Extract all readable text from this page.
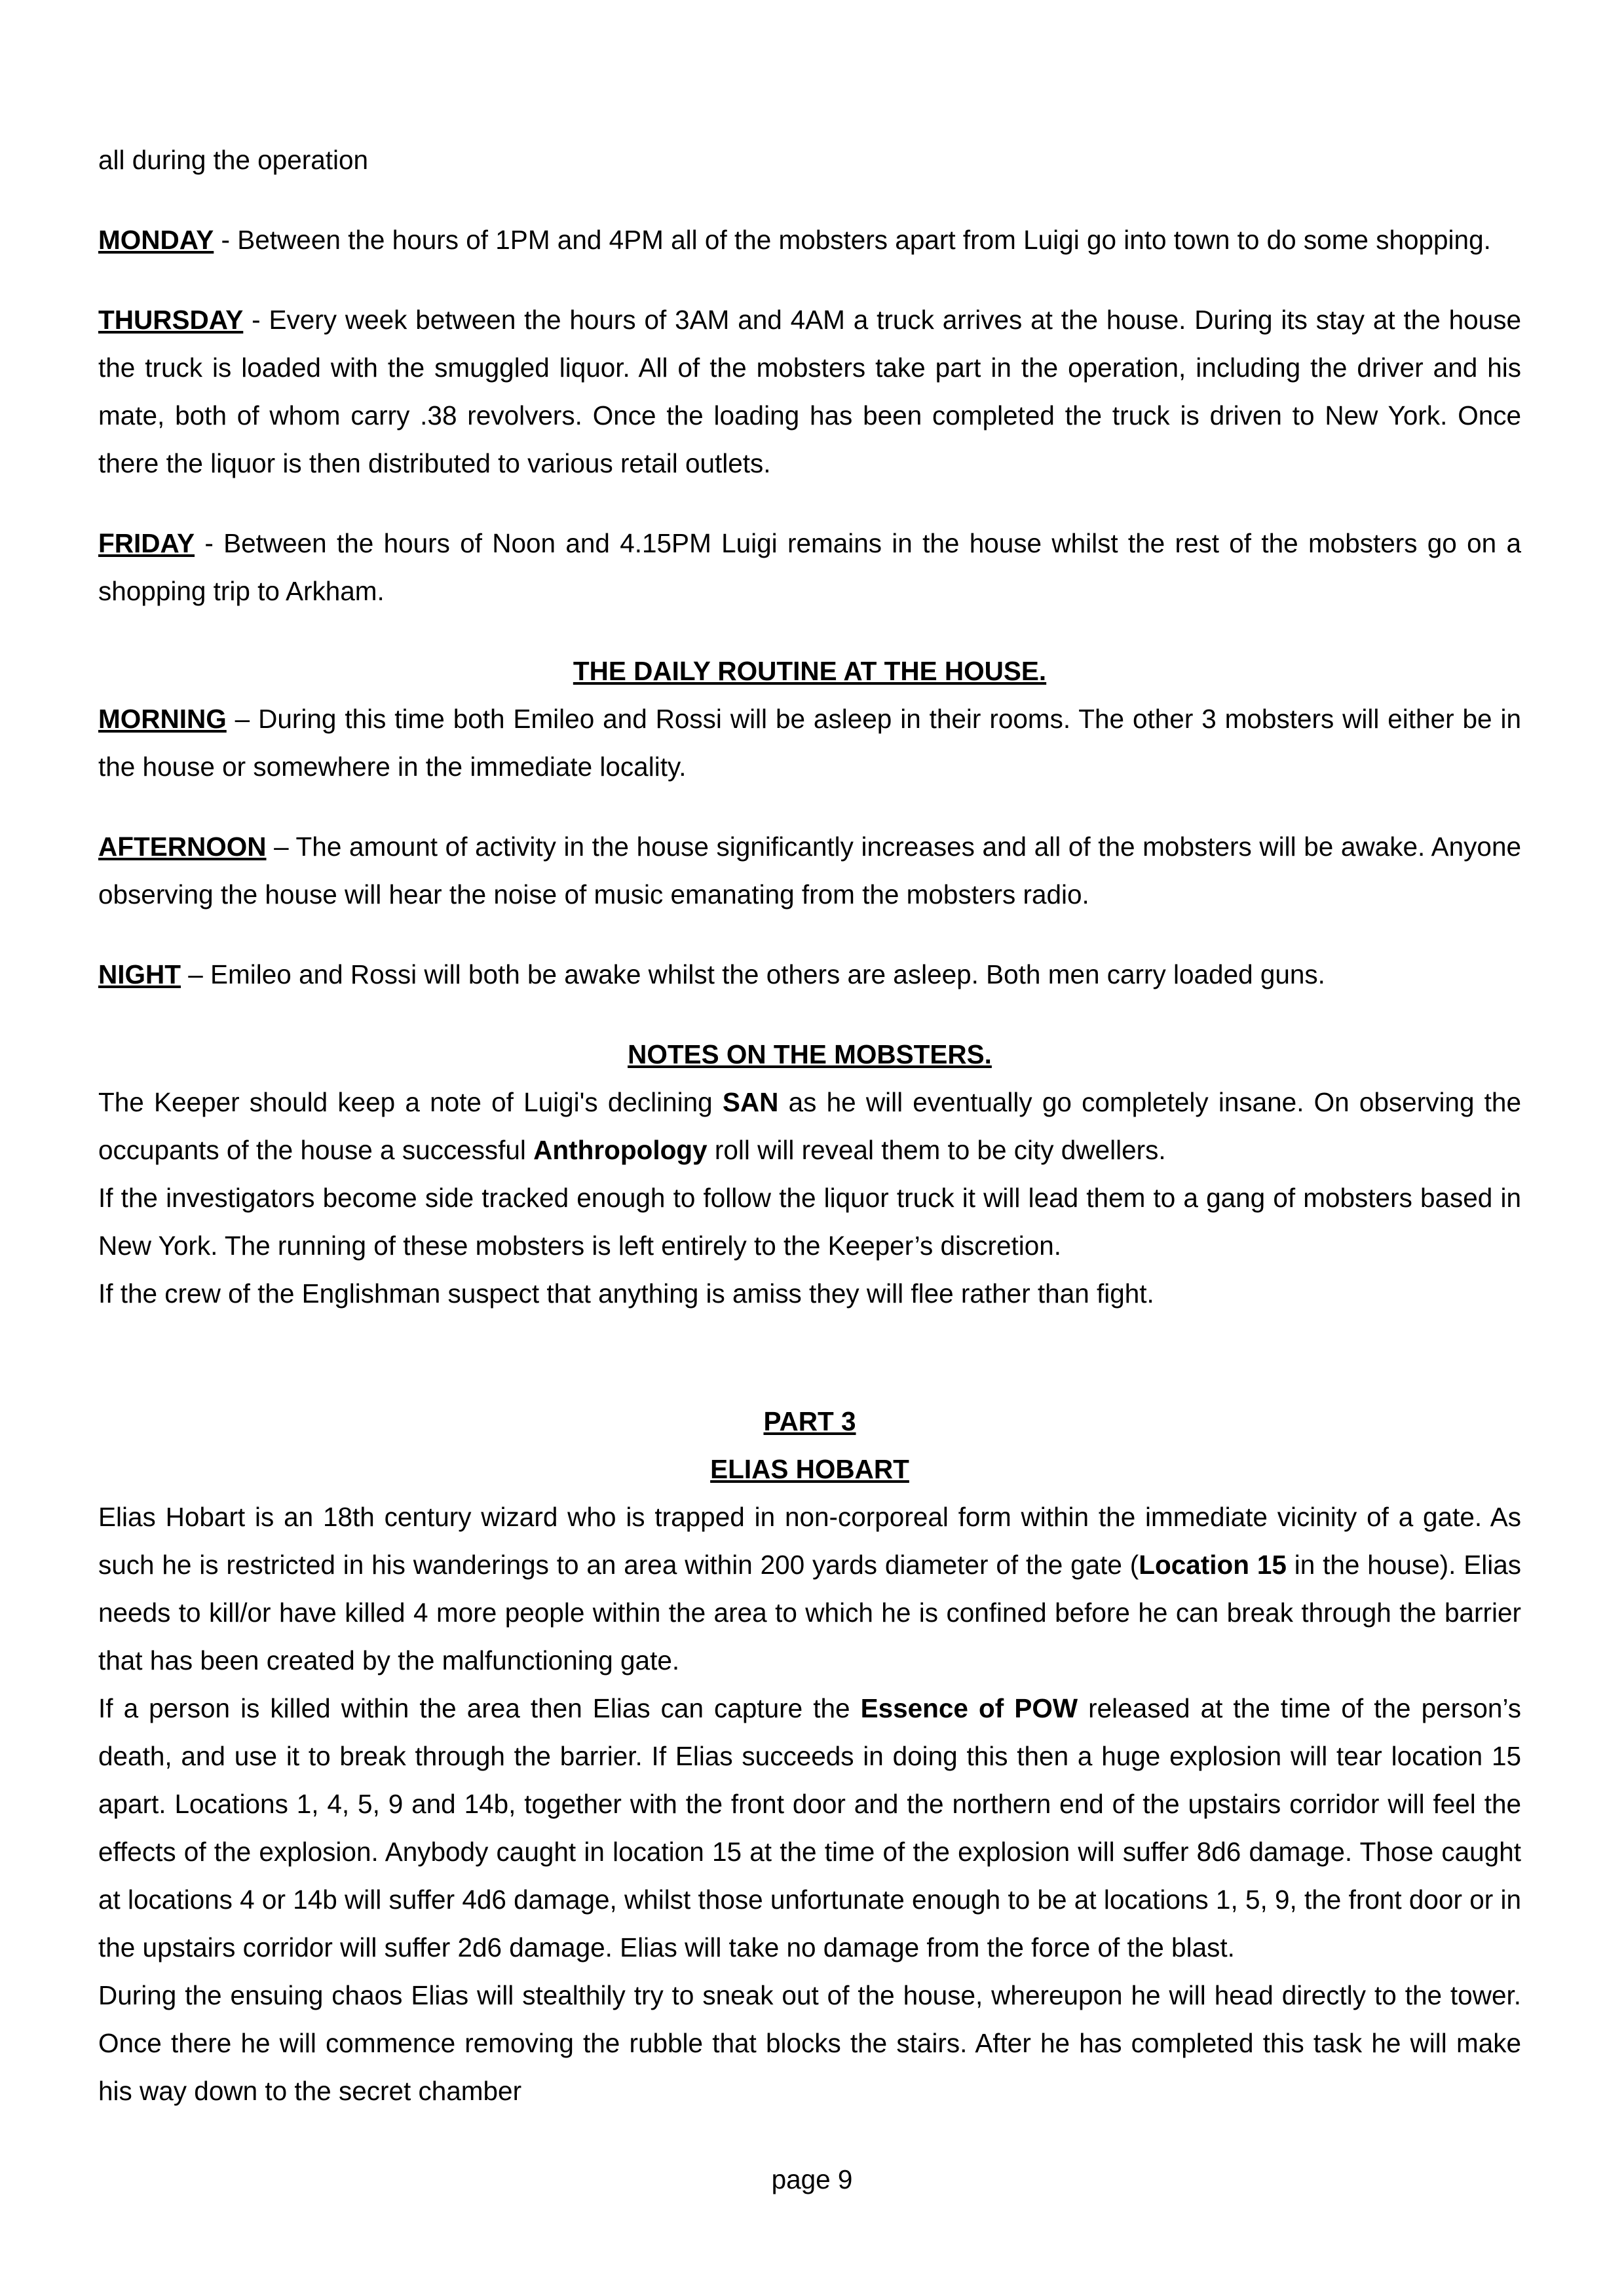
all during the operation

MONDAY - Between the hours of 1PM and 4PM all of the mobsters apart from Luigi go into town to do some shopping.

THURSDAY - Every week between the hours of 3AM and 4AM a truck arrives at the house. During its stay at the house the truck is loaded with the smuggled liquor. All of the mobsters take part in the operation, including the driver and his mate, both of whom carry .38 revolvers. Once the loading has been completed the truck is driven to New York. Once there the liquor is then distributed to various retail outlets.

FRIDAY - Between the hours of Noon and 4.15PM Luigi remains in the house whilst the rest of the mobsters go on a shopping trip to Arkham.

THE DAILY ROUTINE AT THE HOUSE.

MORNING – During this time both Emileo and Rossi will be asleep in their rooms. The other 3 mobsters will either be in the house or somewhere in the immediate locality.

AFTERNOON – The amount of activity in the house significantly increases and all of the mobsters will be awake. Anyone observing the house will hear the noise of music emanating from the mobsters radio.

NIGHT – Emileo and Rossi will both be awake whilst the others are asleep. Both men carry loaded guns.

NOTES ON THE MOBSTERS.

The Keeper should keep a note of Luigi's declining SAN as he will eventually go completely insane. On observing the occupants of the house a successful Anthropology roll will reveal them to be city dwellers.

If the investigators become side tracked enough to follow the liquor truck it will lead them to a gang of mobsters based in New York. The running of these mobsters is left entirely to the Keeper’s discretion.

If the crew of the Englishman suspect that anything is amiss they will flee rather than fight.

PART 3

ELIAS HOBART

Elias Hobart is an 18th century wizard who is trapped in non-corporeal form within the immediate vicinity of a gate. As such he is restricted in his wanderings to an area within 200 yards diameter of the gate (Location 15 in the house). Elias needs to kill/or have killed 4 more people within the area to which he is confined before he can break through the barrier that has been created by the malfunctioning gate.

If a person is killed within the area then Elias can capture the Essence of POW released at the time of the person’s death, and use it to break through the barrier. If Elias succeeds in doing this then a huge explosion will tear location 15 apart. Locations 1, 4, 5, 9 and 14b, together with the front door and the northern end of the upstairs corridor will feel the effects of the explosion. Anybody caught in location 15 at the time of the explosion will suffer 8d6 damage. Those caught at locations 4 or 14b will suffer 4d6 damage, whilst those unfortunate enough to be at locations 1, 5, 9, the front door or in the upstairs corridor will suffer 2d6 damage. Elias will take no damage from the force of the blast.

During the ensuing chaos Elias will stealthily try to sneak out of the house, whereupon he will head directly to the tower. Once there he will commence removing the rubble that blocks the stairs. After he has completed this task he will make his way down to the secret chamber

page 9
